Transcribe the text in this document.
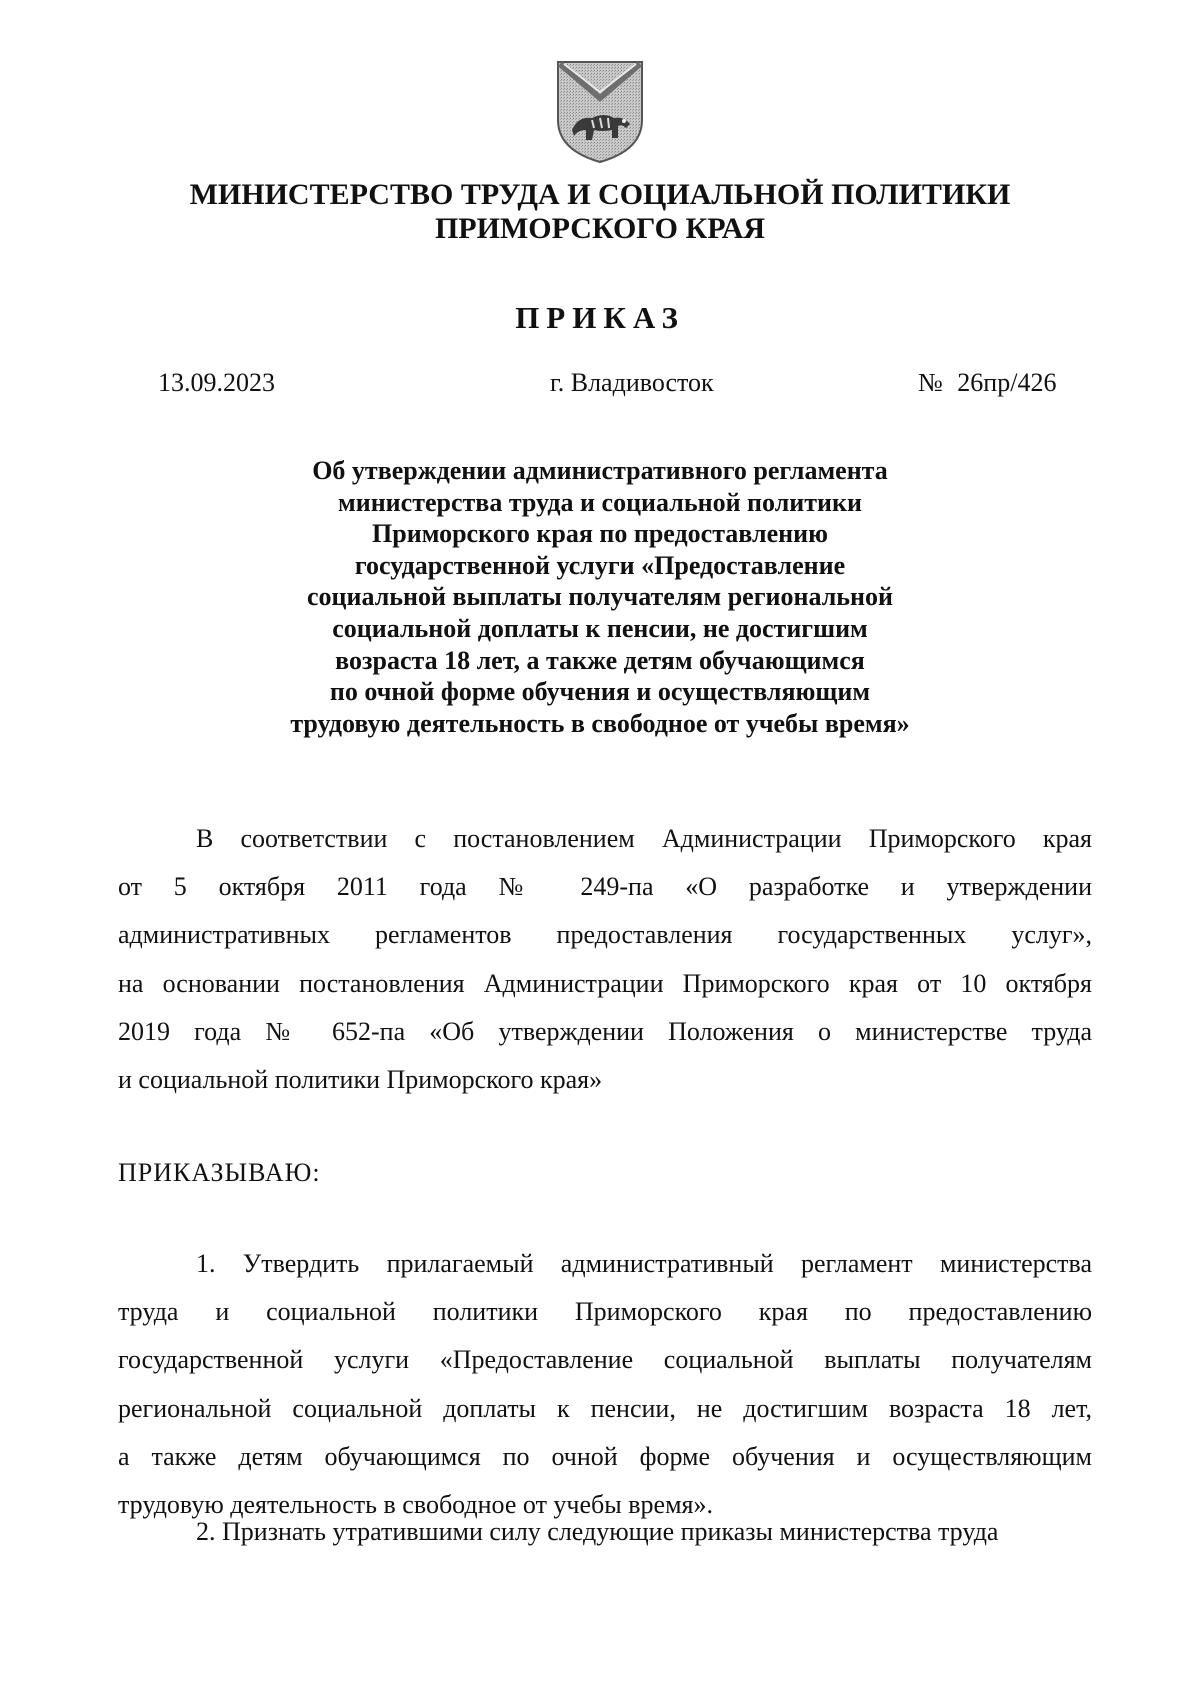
МИНИСТЕРСТВО ТРУДА И СОЦИАЛЬНОЙ ПОЛИТИКИ
ПРИМОРСКОГО КРАЯ
ПРИКАЗ
13.09.2023	г. Владивосток	№ 26пр/426
Об утверждении административного регламента
министерства труда и социальной политики
Приморского края по предоставлению
государственной услуги «Предоставление
социальной выплаты получателям региональной
социальной доплаты к пенсии, не достигшим
возраста 18 лет, а также детям обучающимся
по очной форме обучения и осуществляющим
трудовую деятельность в свободное от учебы время»
В соответствии с постановлением Администрации Приморского края
от 5 октября 2011 года № 249-па «О разработке и утверждении
административных регламентов предоставления государственных услуг»,
на основании постановления Администрации Приморского края от 10 октября
2019 года № 652-па «Об утверждении Положения о министерстве труда
и социальной политики Приморского края»
ПРИКАЗЫВАЮ:
1. Утвердить прилагаемый административный регламент министерства
труда и социальной политики Приморского края по предоставлению
государственной услуги «Предоставление социальной выплаты получателям
региональной социальной доплаты к пенсии, не достигшим возраста 18 лет,
а также детям обучающимся по очной форме обучения и осуществляющим
трудовую деятельность в свободное от учебы время».
2. Признать утратившими силу следующие приказы министерства труда
